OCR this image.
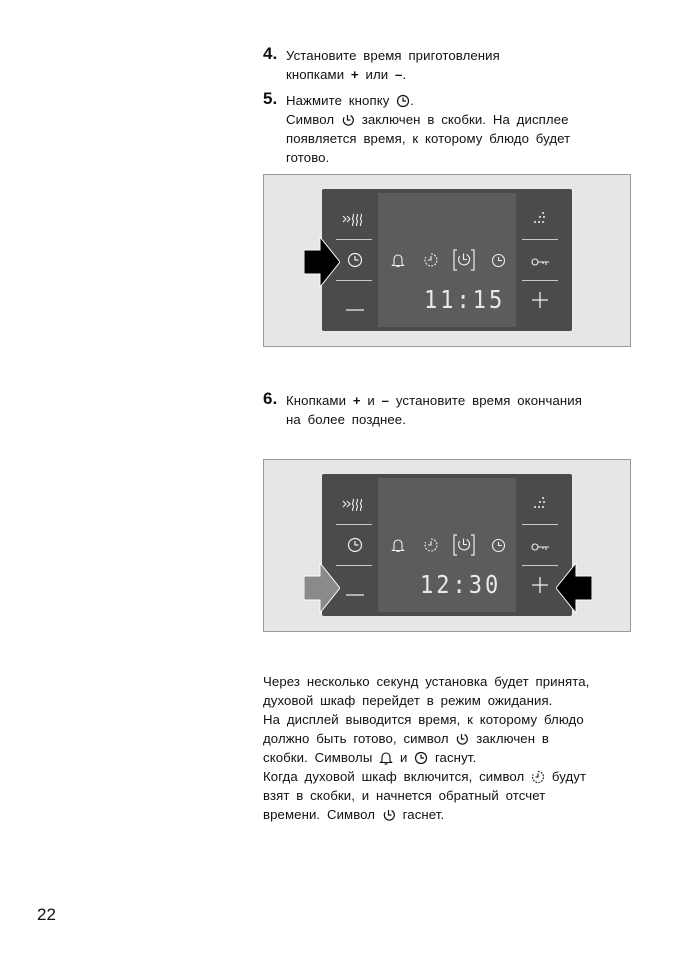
4. Установите время приготовления
кнопками + или –.
5. Нажмите кнопку .
Символ заключен в скобки. На дисплее
появляется время, к которому блюдо будет
готово.
11:15
6. Кнопками + и – установите время окончания
на более позднее.
12:30
Через несколько секунд установка будет принята,
духовой шкаф перейдет в режим ожидания.
На дисплей выводится время, к которому блюдо
должно быть готово, символ заключен в
скобки. Символы и гаснут.
Когда духовой шкаф включится, символ будут
взят в скобки, и начнется обратный отсчет
времени. Символ гаснет.
22
